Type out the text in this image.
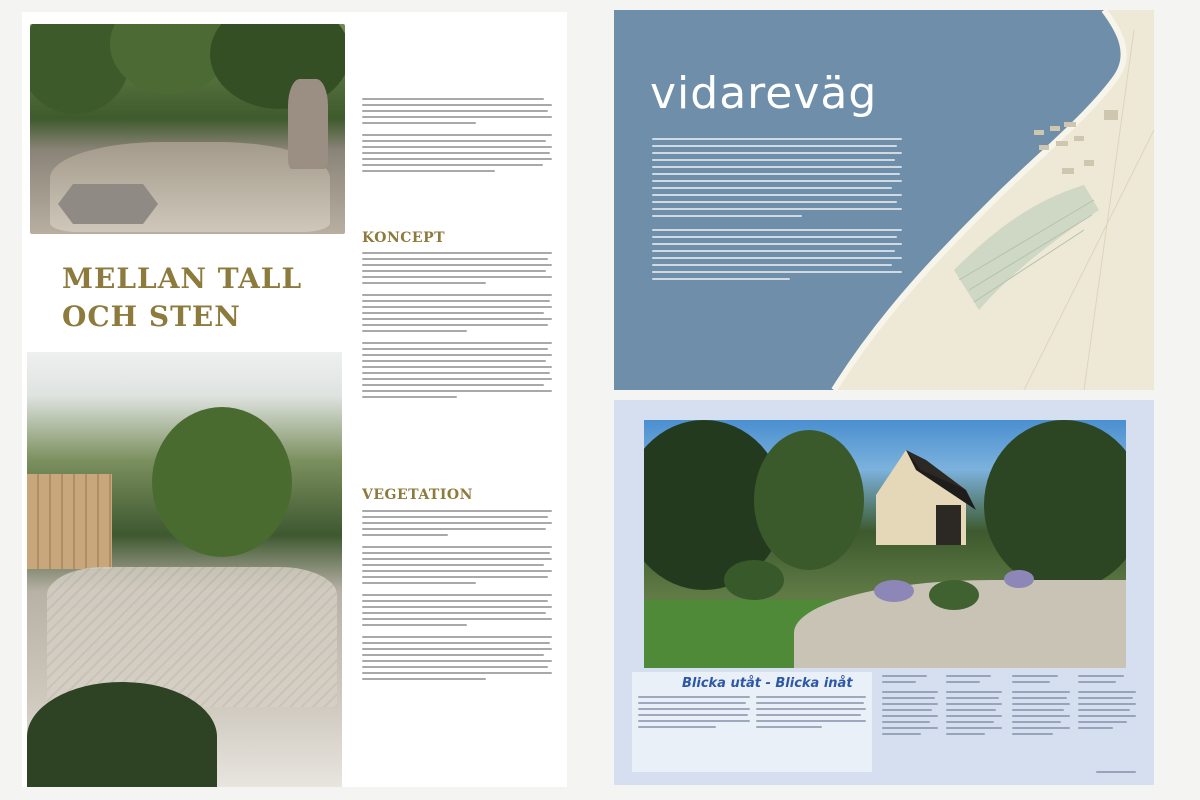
MELLAN TALL
OCH STEN
KONCEPT
VEGETATION
vidareväg
Blicka utåt - Blicka inåt
